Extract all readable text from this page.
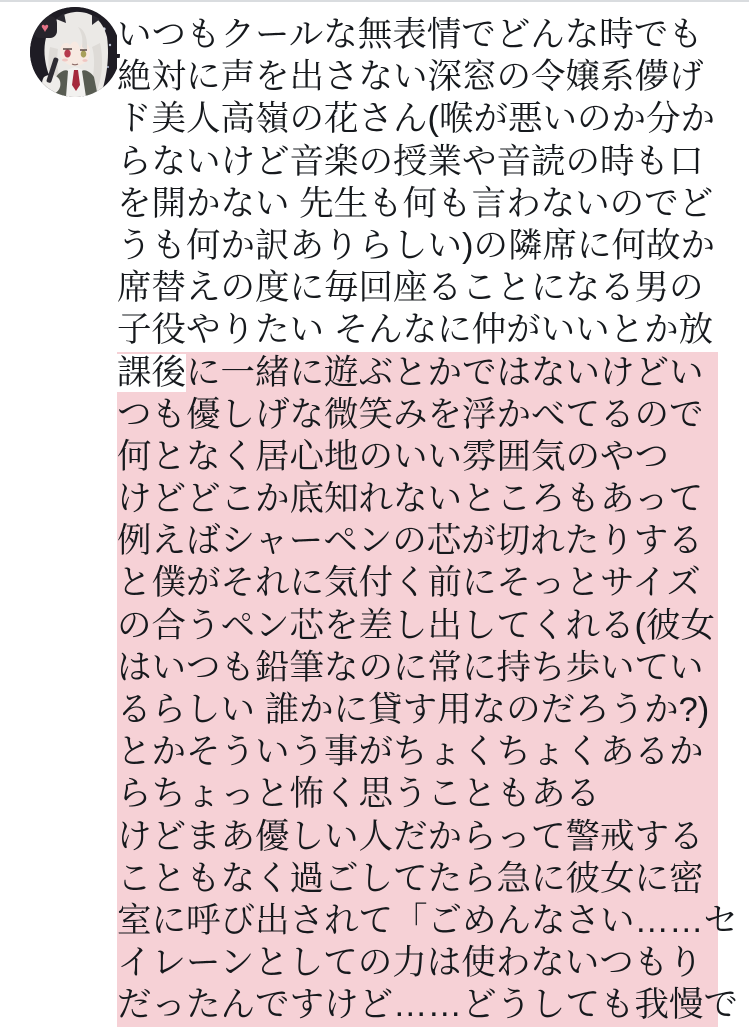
♥ いつもクールな無表情でどんな時でも
絶対に声を出さない深窓の令嬢系儚げ
ド美人高嶺の花さん(喉が悪いのか分か
らないけど音楽の授業や音読の時も口
を開かない 先生も何も言わないのでど
うも何か訳ありらしい)の隣席に何故か
席替えの度に毎回座ることになる男の
子役やりたい そんなに仲がいいとか放
課後に一緒に遊ぶとかではないけどい
つも優しげな微笑みを浮かべてるので
何となく居心地のいい雰囲気のやつ
けどどこか底知れないところもあって
例えばシャーペンの芯が切れたりする
と僕がそれに気付く前にそっとサイズ
の合うペン芯を差し出してくれる(彼女
はいつも鉛筆なのに常に持ち歩いてい
るらしい 誰かに貸す用なのだろうか?)
とかそういう事がちょくちょくあるか
らちょっと怖く思うこともある
けどまあ優しい人だからって警戒する
こともなく過ごしてたら急に彼女に密
室に呼び出されて「ごめんなさい……セ
イレーンとしての力は使わないつもり
だったんですけど……どうしても我慢で
